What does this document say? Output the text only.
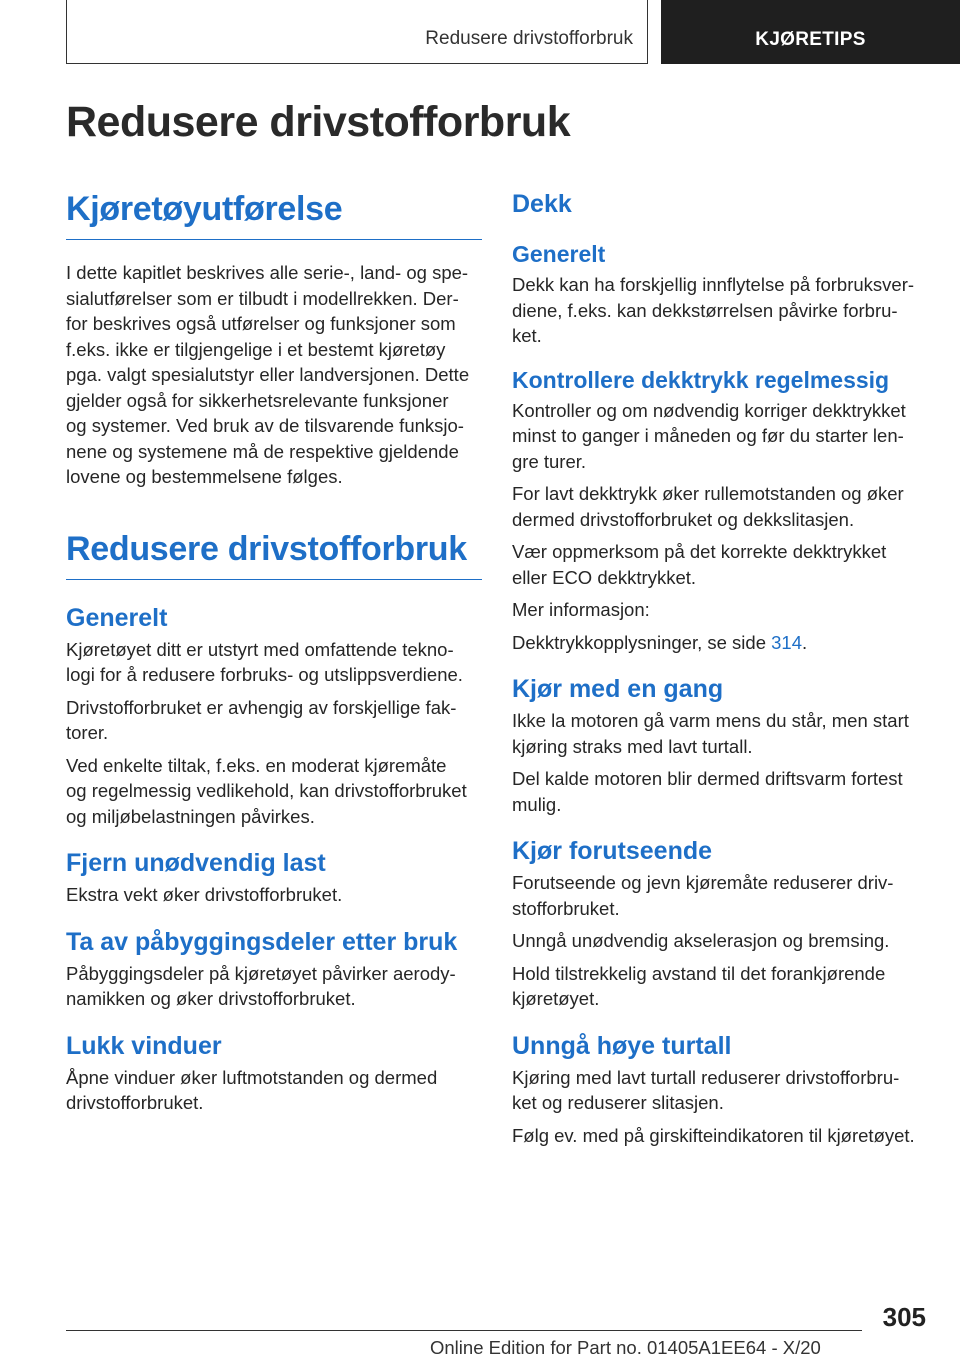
Redusere drivstofforbruk	KJØRETIPS
Redusere drivstofforbruk
Kjøretøyutførelse

I dette kapitlet beskrives alle serie-, land- og spe-
sialutførelser som er tilbudt i modellrekken. Der-
for beskrives også utførelser og funksjoner som
f.eks. ikke er tilgjengelige i et bestemt kjøretøy
pga. valgt spesialutstyr eller landversjonen. Dette
gjelder også for sikkerhetsrelevante funksjoner
og systemer. Ved bruk av de tilsvarende funksjo-
nene og systemene må de respektive gjeldende
lovene og bestemmelsene følges.

Redusere drivstofforbruk
Generelt

Kjøretøyet ditt er utstyrt med omfattende tekno-
logi for å redusere forbruks- og utslippsverdiene.

Drivstofforbruket er avhengig av forskjellige fak-
torer.

Ved enkelte tiltak, f.eks. en moderat kjøremåte
og regelmessig vedlikehold, kan drivstofforbruket
og miljøbelastningen påvirkes.

Fjern unødvendig last

Ekstra vekt øker drivstofforbruket.

Ta av påbyggingsdeler etter bruk

Påbyggingsdeler på kjøretøyet påvirker aerody-
namikken og øker drivstofforbruket.

Lukk vinduer

Åpne vinduer øker luftmotstanden og dermed
drivstofforbruket.

Dekk
Generelt

Dekk kan ha forskjellig innflytelse på forbruksver-
diene, f.eks. kan dekkstørrelsen påvirke forbru-
ket.

Kontrollere dekktrykk regelmessig

Kontroller og om nødvendig korriger dekktrykket
minst to ganger i måneden og før du starter len-
gre turer.

For lavt dekktrykk øker rullemotstanden og øker
dermed drivstofforbruket og dekkslitasjen.

Vær oppmerksom på det korrekte dekktrykket
eller ECO dekktrykket.

Mer informasjon:

Dekktrykkopplysninger, se side 314.

Kjør med en gang

Ikke la motoren gå varm mens du står, men start
kjøring straks med lavt turtall.

Del kalde motoren blir dermed driftsvarm fortest
mulig.

Kjør forutseende

Forutseende og jevn kjøremåte reduserer driv-
stofforbruket.

Unngå unødvendig akselerasjon og bremsing.

Hold tilstrekkelig avstand til det forankjørende
kjøretøyet.

Unngå høye turtall

Kjøring med lavt turtall reduserer drivstofforbru-
ket og reduserer slitasjen.

Følg ev. med på girskifteindikatoren til kjøretøyet.

305
Online Edition for Part no. 01405A1EE64 - X/20
